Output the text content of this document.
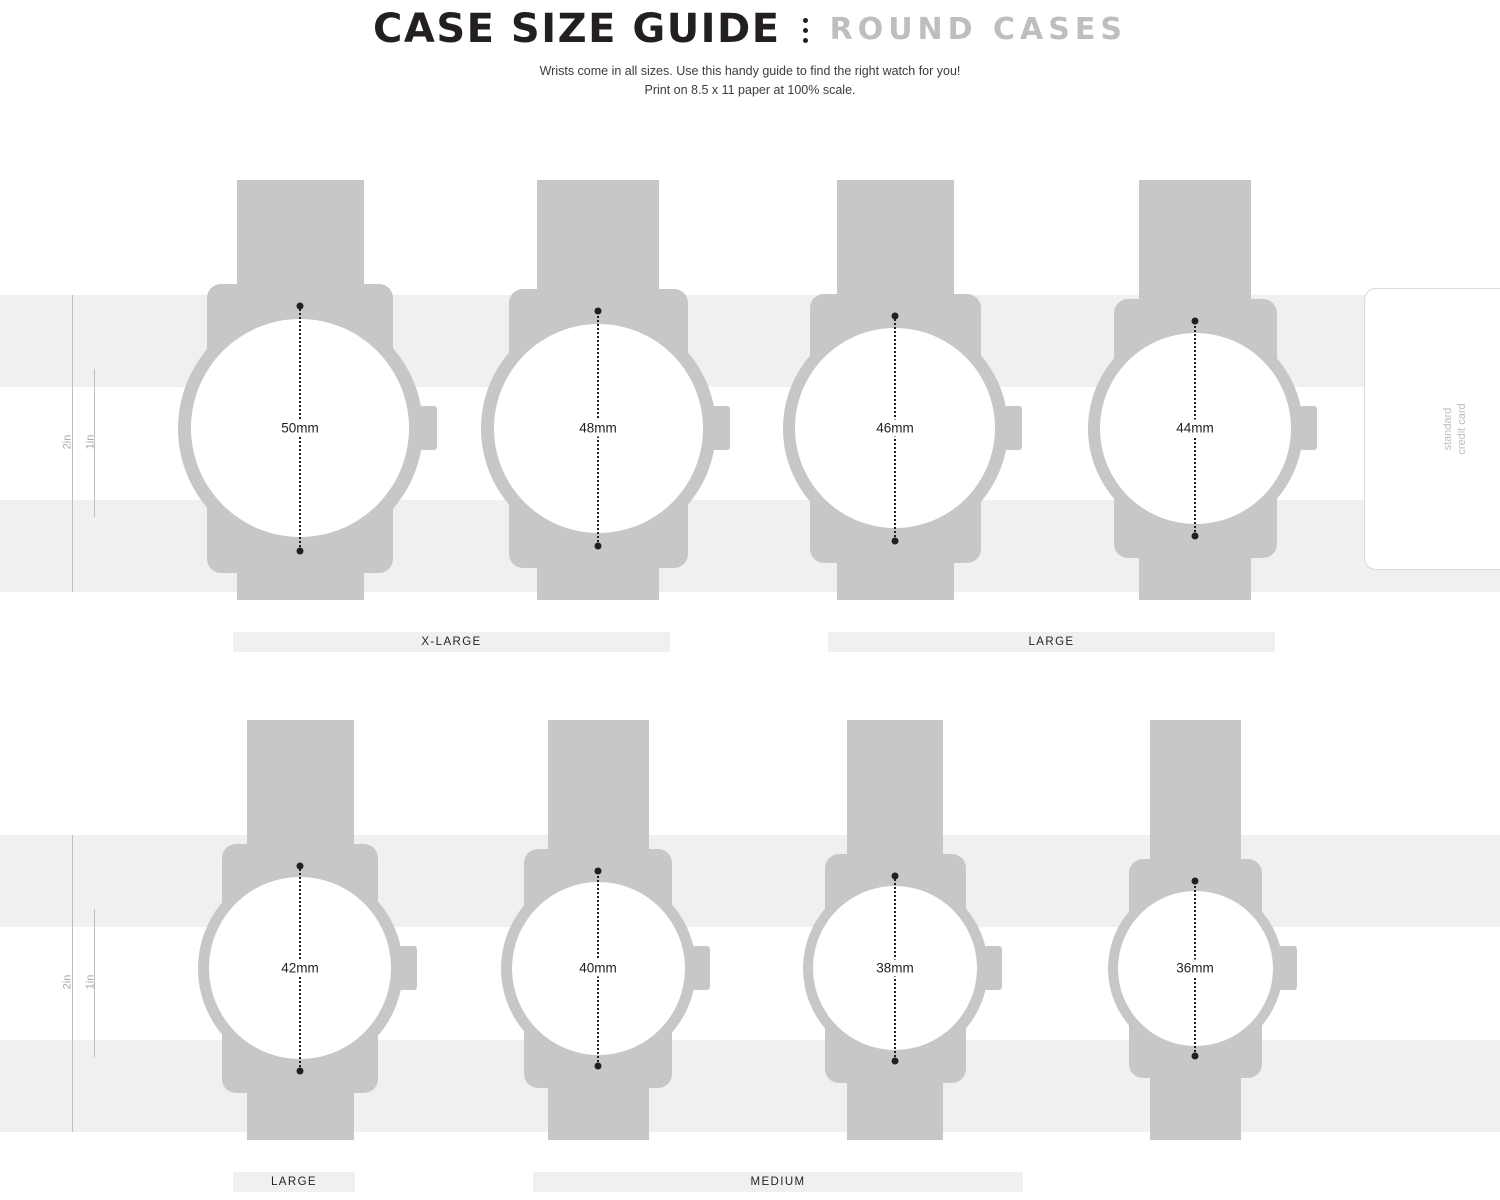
CASE SIZE GUIDE ROUND CASES
Wrists come in all sizes. Use this handy guide to find the right watch for you!
Print on 8.5 x 11 paper at 100% scale.
2in 1in	standard credit card
50mm	48mm	46mm	44mm
X-LARGE	LARGE
2in 1in
42mm	40mm	38mm	36mm
LARGE	MEDIUM
